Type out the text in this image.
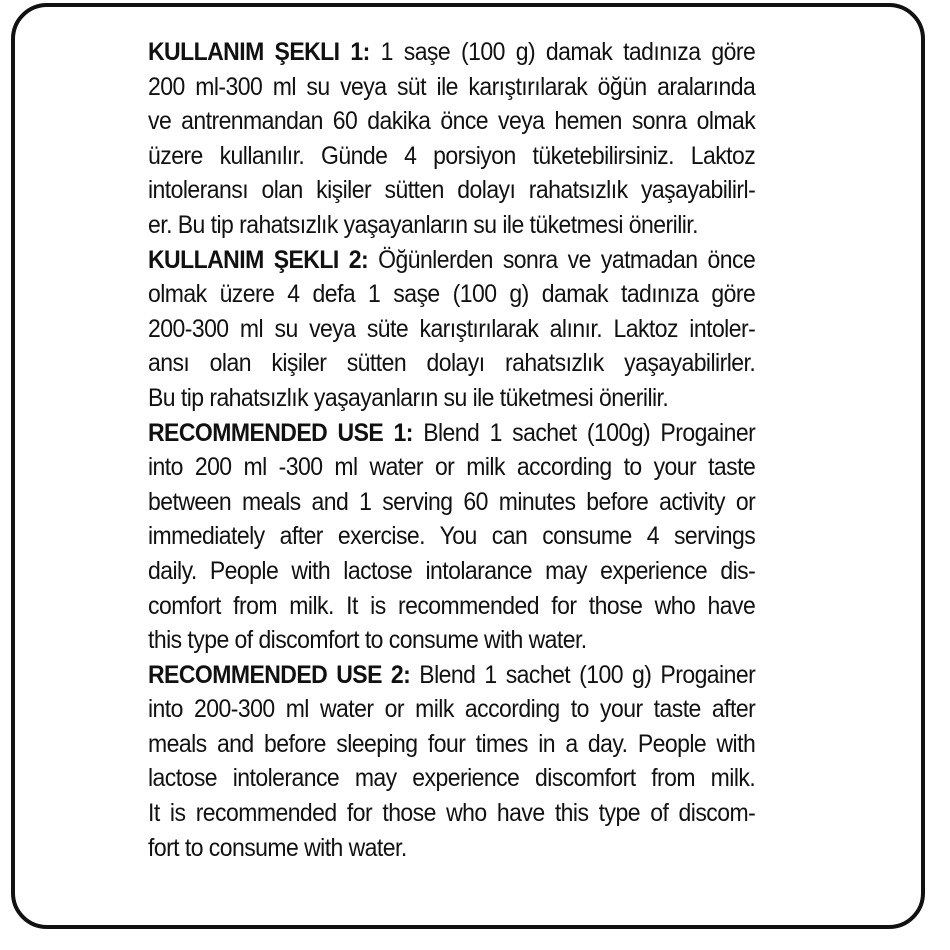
KULLANIM ŞEKLI 1: 1 saşe (100 g) damak tadınıza göre
200 ml-300 ml su veya süt ile karıştırılarak öğün aralarında
ve antrenmandan 60 dakika önce veya hemen sonra olmak
üzere kullanılır. Günde 4 porsiyon tüketebilirsiniz. Laktoz
intoleransı olan kişiler sütten dolayı rahatsızlık yaşayabilirl-
er. Bu tip rahatsızlık yaşayanların su ile tüketmesi önerilir.
KULLANIM ŞEKLI 2: Öğünlerden sonra ve yatmadan önce
olmak üzere 4 defa 1 saşe (100 g) damak tadınıza göre
200-300 ml su veya süte karıştırılarak alınır. Laktoz intoler-
ansı olan kişiler sütten dolayı rahatsızlık yaşayabilirler.
Bu tip rahatsızlık yaşayanların su ile tüketmesi önerilir.
RECOMMENDED USE 1: Blend 1 sachet (100g) Progainer
into 200 ml -300 ml water or milk according to your taste
between meals and 1 serving 60 minutes before activity or
immediately after exercise. You can consume 4 servings
daily. People with lactose intolarance may experience dis-
comfort from milk. It is recommended for those who have
this type of discomfort to consume with water.
RECOMMENDED USE 2: Blend 1 sachet (100 g) Progainer
into 200-300 ml water or milk according to your taste after
meals and before sleeping four times in a day. People with
lactose intolerance may experience discomfort from milk.
It is recommended for those who have this type of discom-
fort to consume with water.
